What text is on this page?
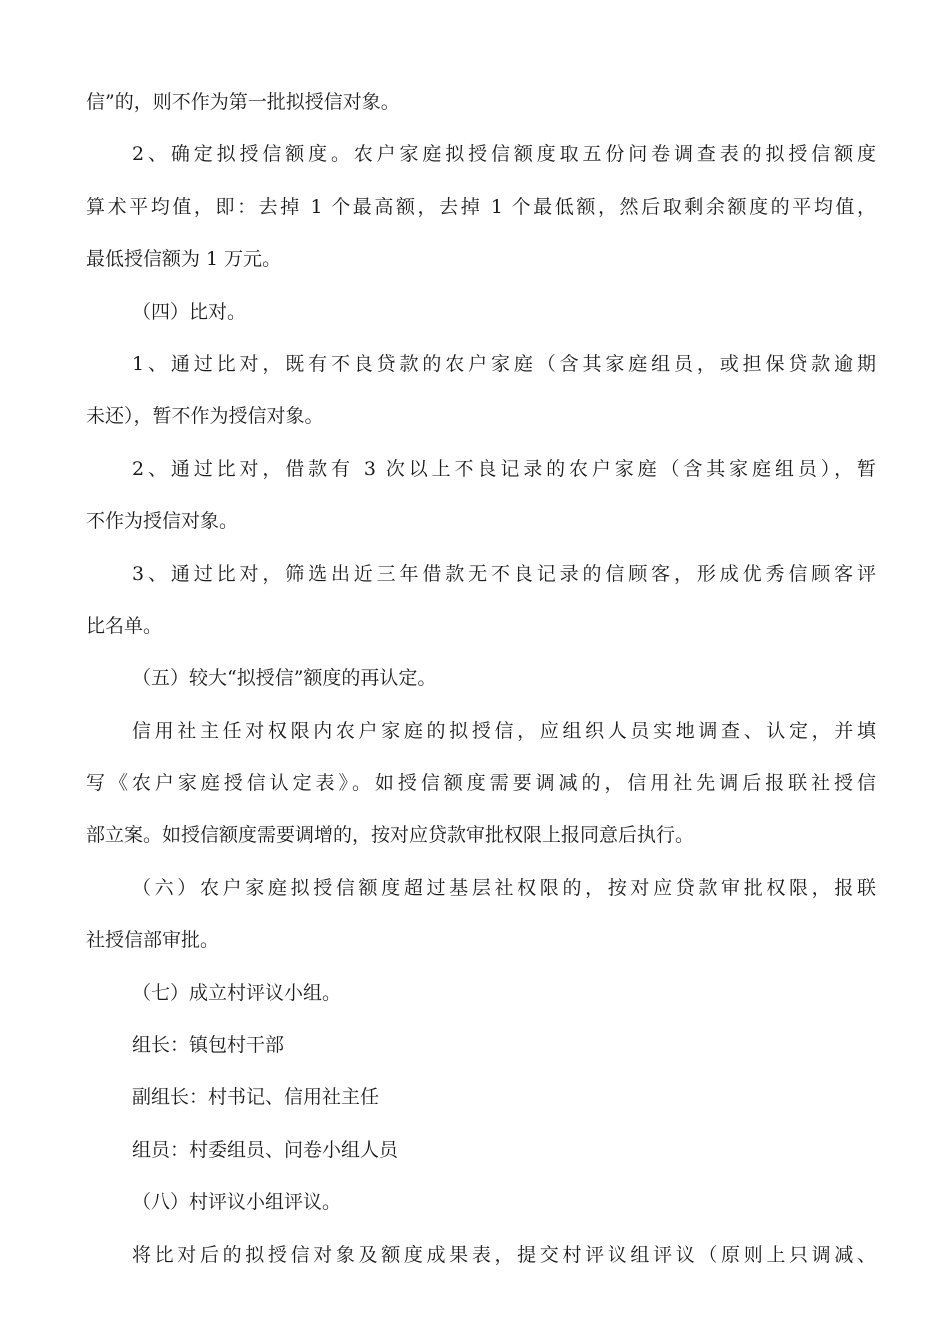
信”的，则不作为第一批拟授信对象。
2、确定拟授信额度。农户家庭拟授信额度取五份问卷调查表的拟授信额度
算术平均值，即：去掉 1 个最高额，去掉 1 个最低额，然后取剩余额度的平均值，
最低授信额为 1 万元。
（四）比对。
1、通过比对，既有不良贷款的农户家庭（含其家庭组员，或担保贷款逾期
未还），暂不作为授信对象。
2、通过比对，借款有 3 次以上不良记录的农户家庭（含其家庭组员），暂
不作为授信对象。
3、通过比对，筛选出近三年借款无不良记录的信顾客，形成优秀信顾客评
比名单。
（五）较大“拟授信”额度的再认定。
信用社主任对权限内农户家庭的拟授信，应组织人员实地调查、认定，并填
写《农户家庭授信认定表》。如授信额度需要调减的，信用社先调后报联社授信
部立案。如授信额度需要调增的，按对应贷款审批权限上报同意后执行。
（六）农户家庭拟授信额度超过基层社权限的，按对应贷款审批权限，报联
社授信部审批。
（七）成立村评议小组。
组长：镇包村干部
副组长：村书记、信用社主任
组员：村委组员、问卷小组人员
（八）村评议小组评议。
将比对后的拟授信对象及额度成果表，提交村评议组评议（原则上只调减、
